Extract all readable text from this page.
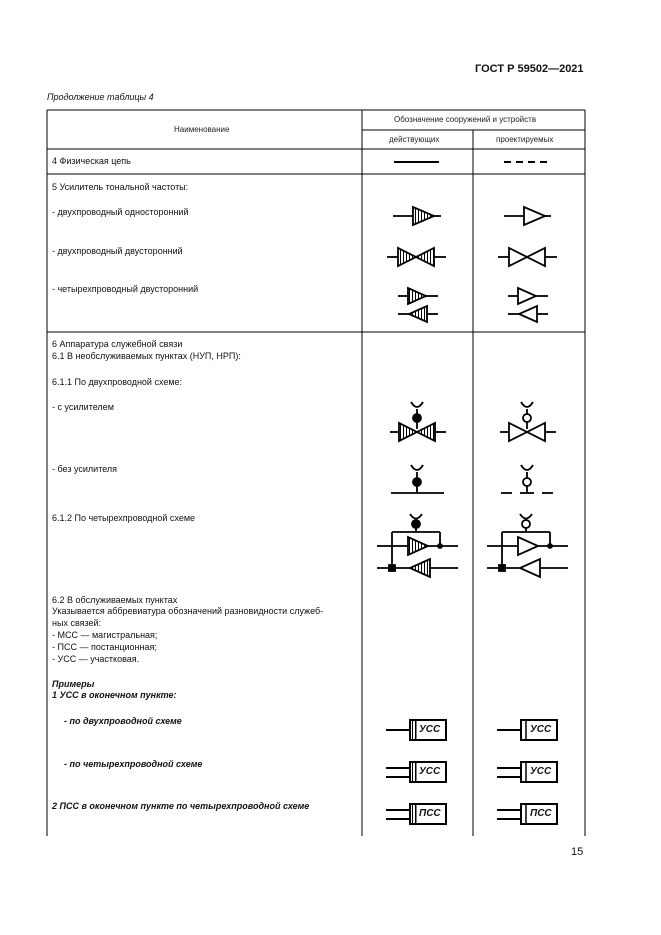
ГОСТ Р 59502—2021
Продолжение таблицы 4
Наименование
Обозначение сооружений и устройств
действующих	проектируемых
4 Физическая цепь
5 Усилитель тональной частоты:
- двухпроводный односторонний
- двухпроводный двусторонний
- четырехпроводный двусторонний
6 Аппаратура служебной связи
6.1 В необслуживаемых пунктах (НУП, НРП):
6.1.1 По двухпроводной схеме:
- с усилителем
- без усилителя
6.1.2 По четырехпроводной схеме
6.2 В обслуживаемых пунктах
Указывается аббревиатура обозначений разновидности служеб-
ных связей:
- МСС — магистральная;
- ПСС — постанционная;
- УСС — участковая.
Примеры
1 УСС в оконечном пункте:
- по двухпроводной схеме
- по четырехпроводной схеме
2 ПСС в оконечном пункте по четырехпроводной схеме
УСС
УСС
ПСС
УСС
УСС
ПСС
15
